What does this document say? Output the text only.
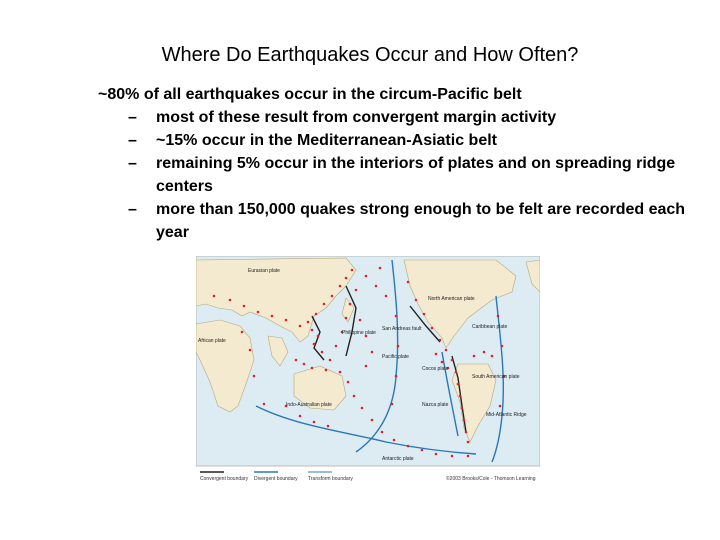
Where Do Earthquakes Occur and How Often?

~80% of all earthquakes occur in the circum-Pacific belt

– most of these result from convergent margin activity

– ~15% occur in the Mediterranean-Asiatic belt

– remaining 5% occur in the interiors of plates and on spreading ridge centers

– more than 150,000 quakes strong enough to be felt are recorded each year

Eurasian plate
North American plate
African plate
Philippine plate
San Andreas fault	Caribbean plate
Pacific plate
Cocos plate
Nazca plate
South American plate
Indo-Australian plate
Mid-Atlantic Ridge
Antarctic plate
Convergent boundary Divergent boundary Transform boundary	©2003 Brooks/Cole - Thomson Learning
